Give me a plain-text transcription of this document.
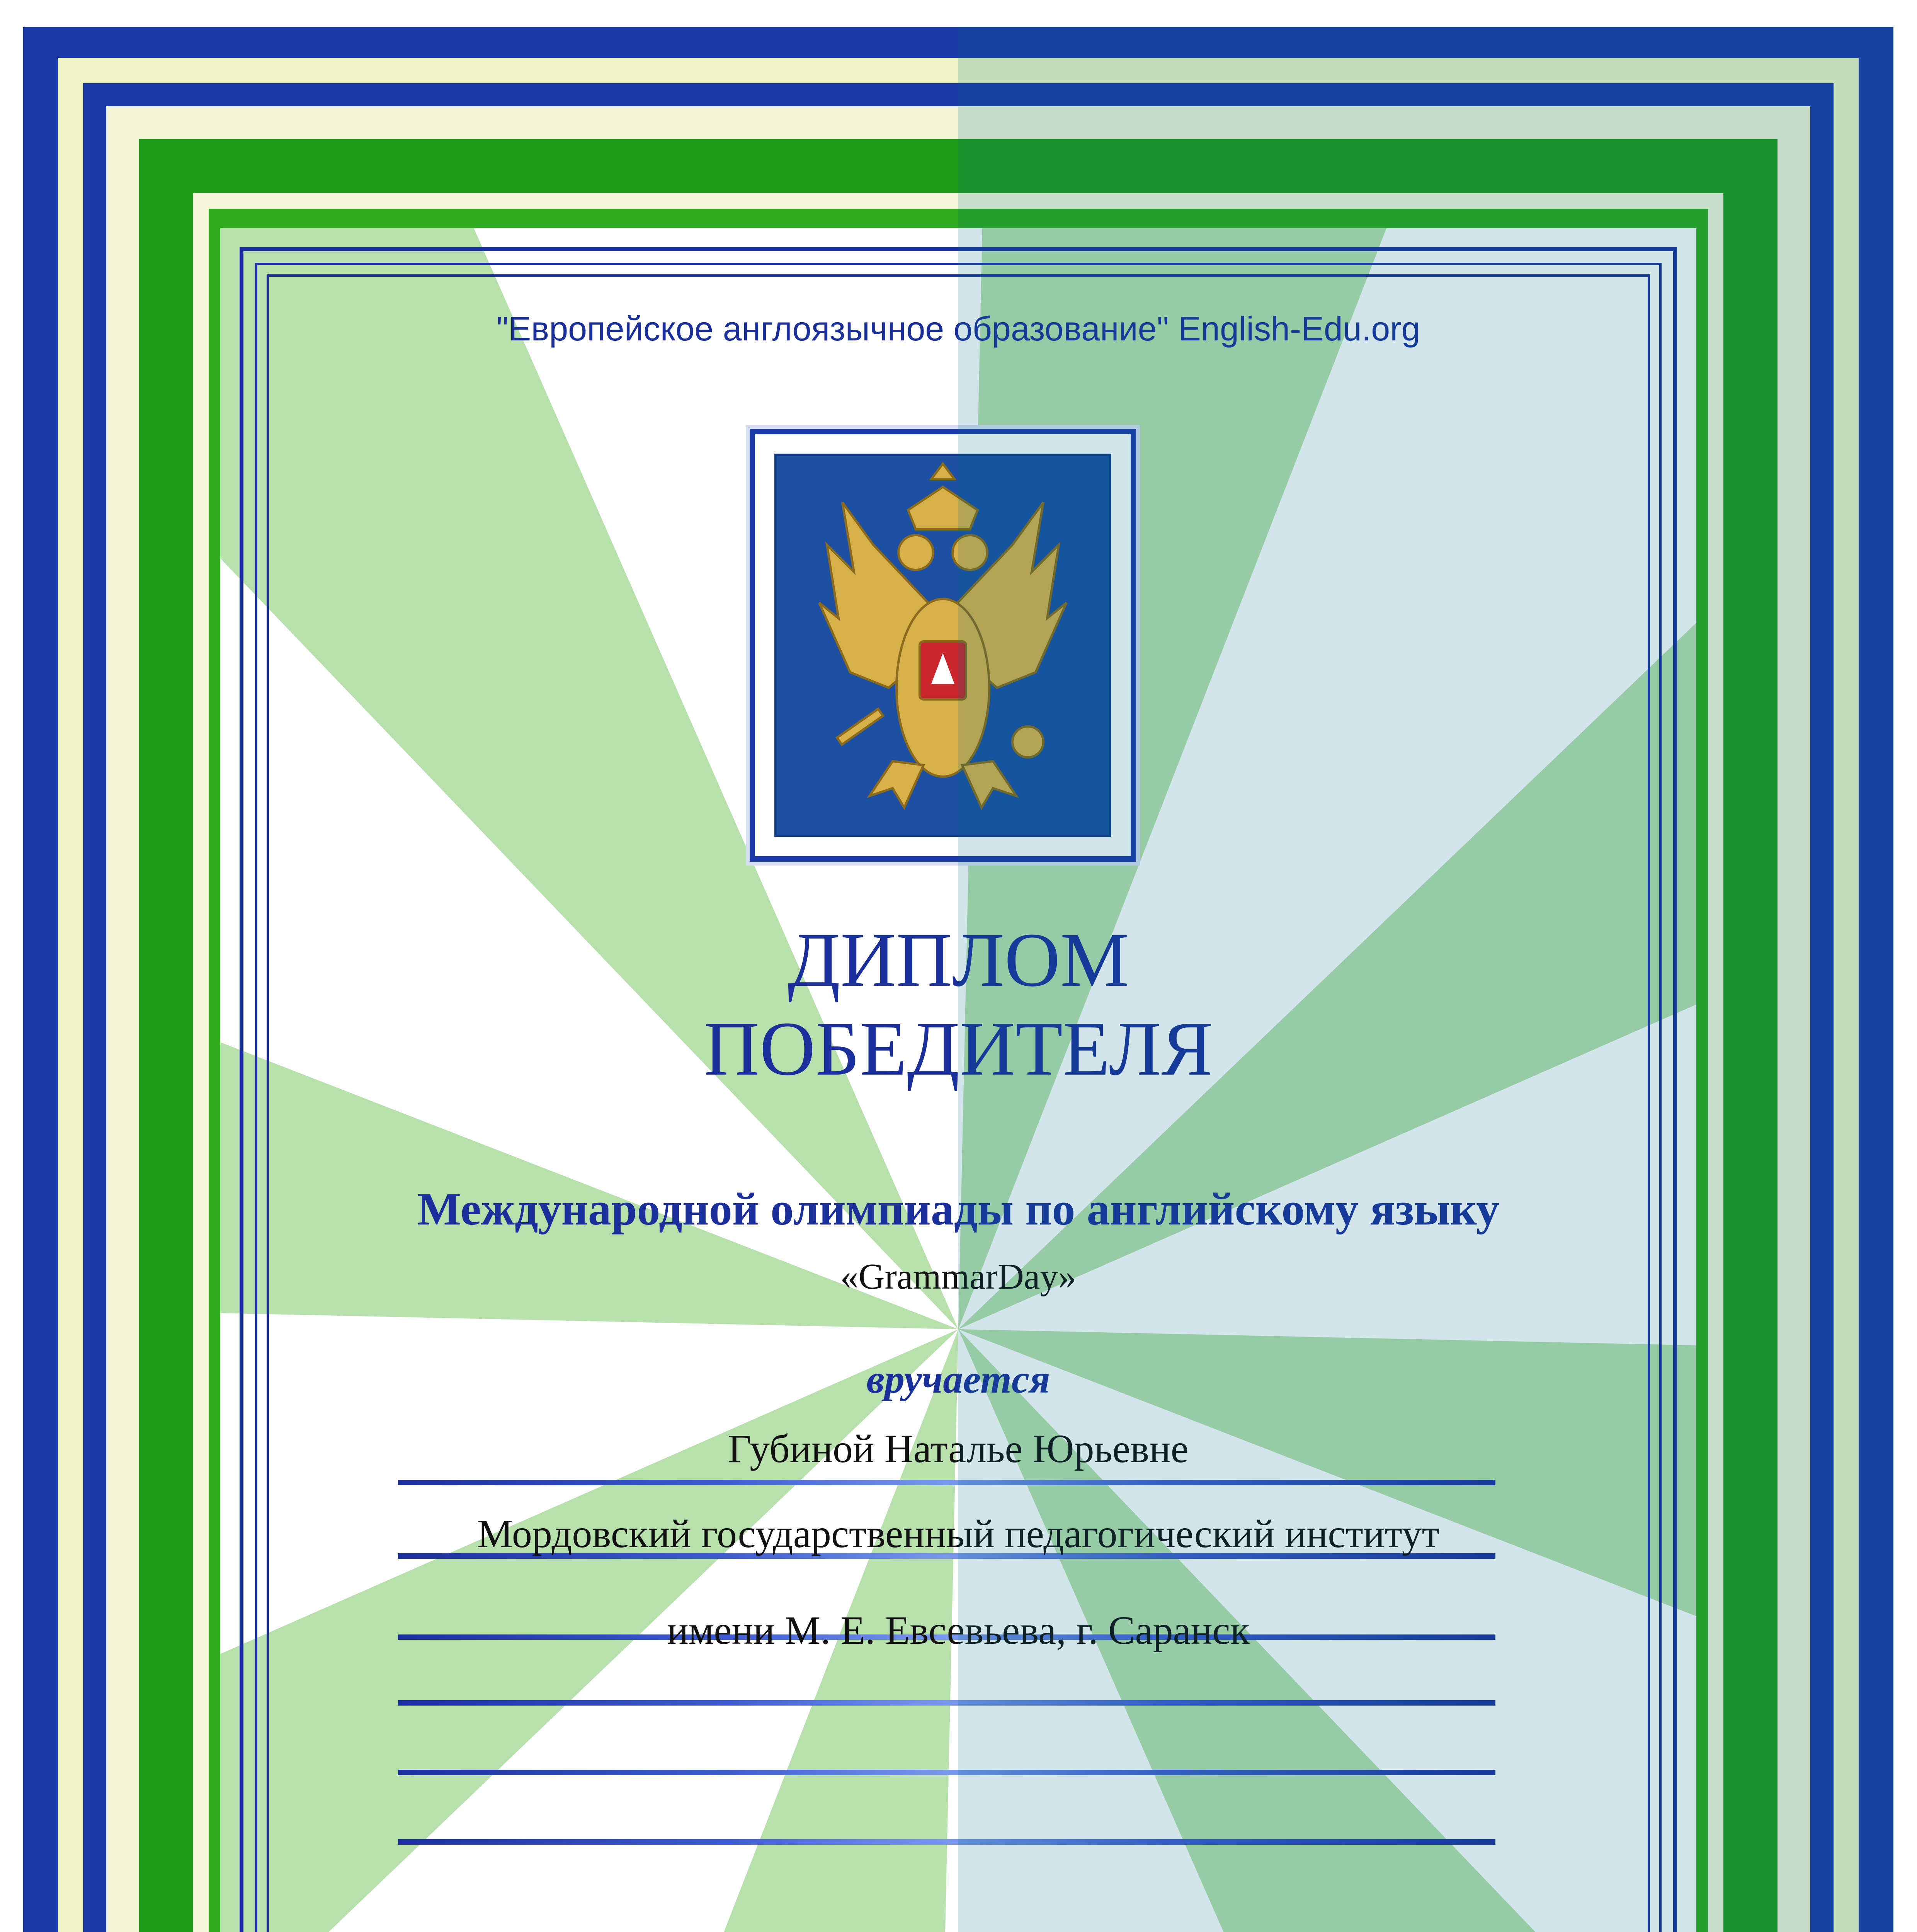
"Европейское англоязычное образование" English-Edu.org
ДИПЛОМ
ПОБЕДИТЕЛЯ
Международной олимпиады по английскому языку
«GrammarDay»
вручается
Губиной Наталье Юрьевне
Мордовский государственный педагогический институт
имени М. Е. Евсевьева, г. Саранск
